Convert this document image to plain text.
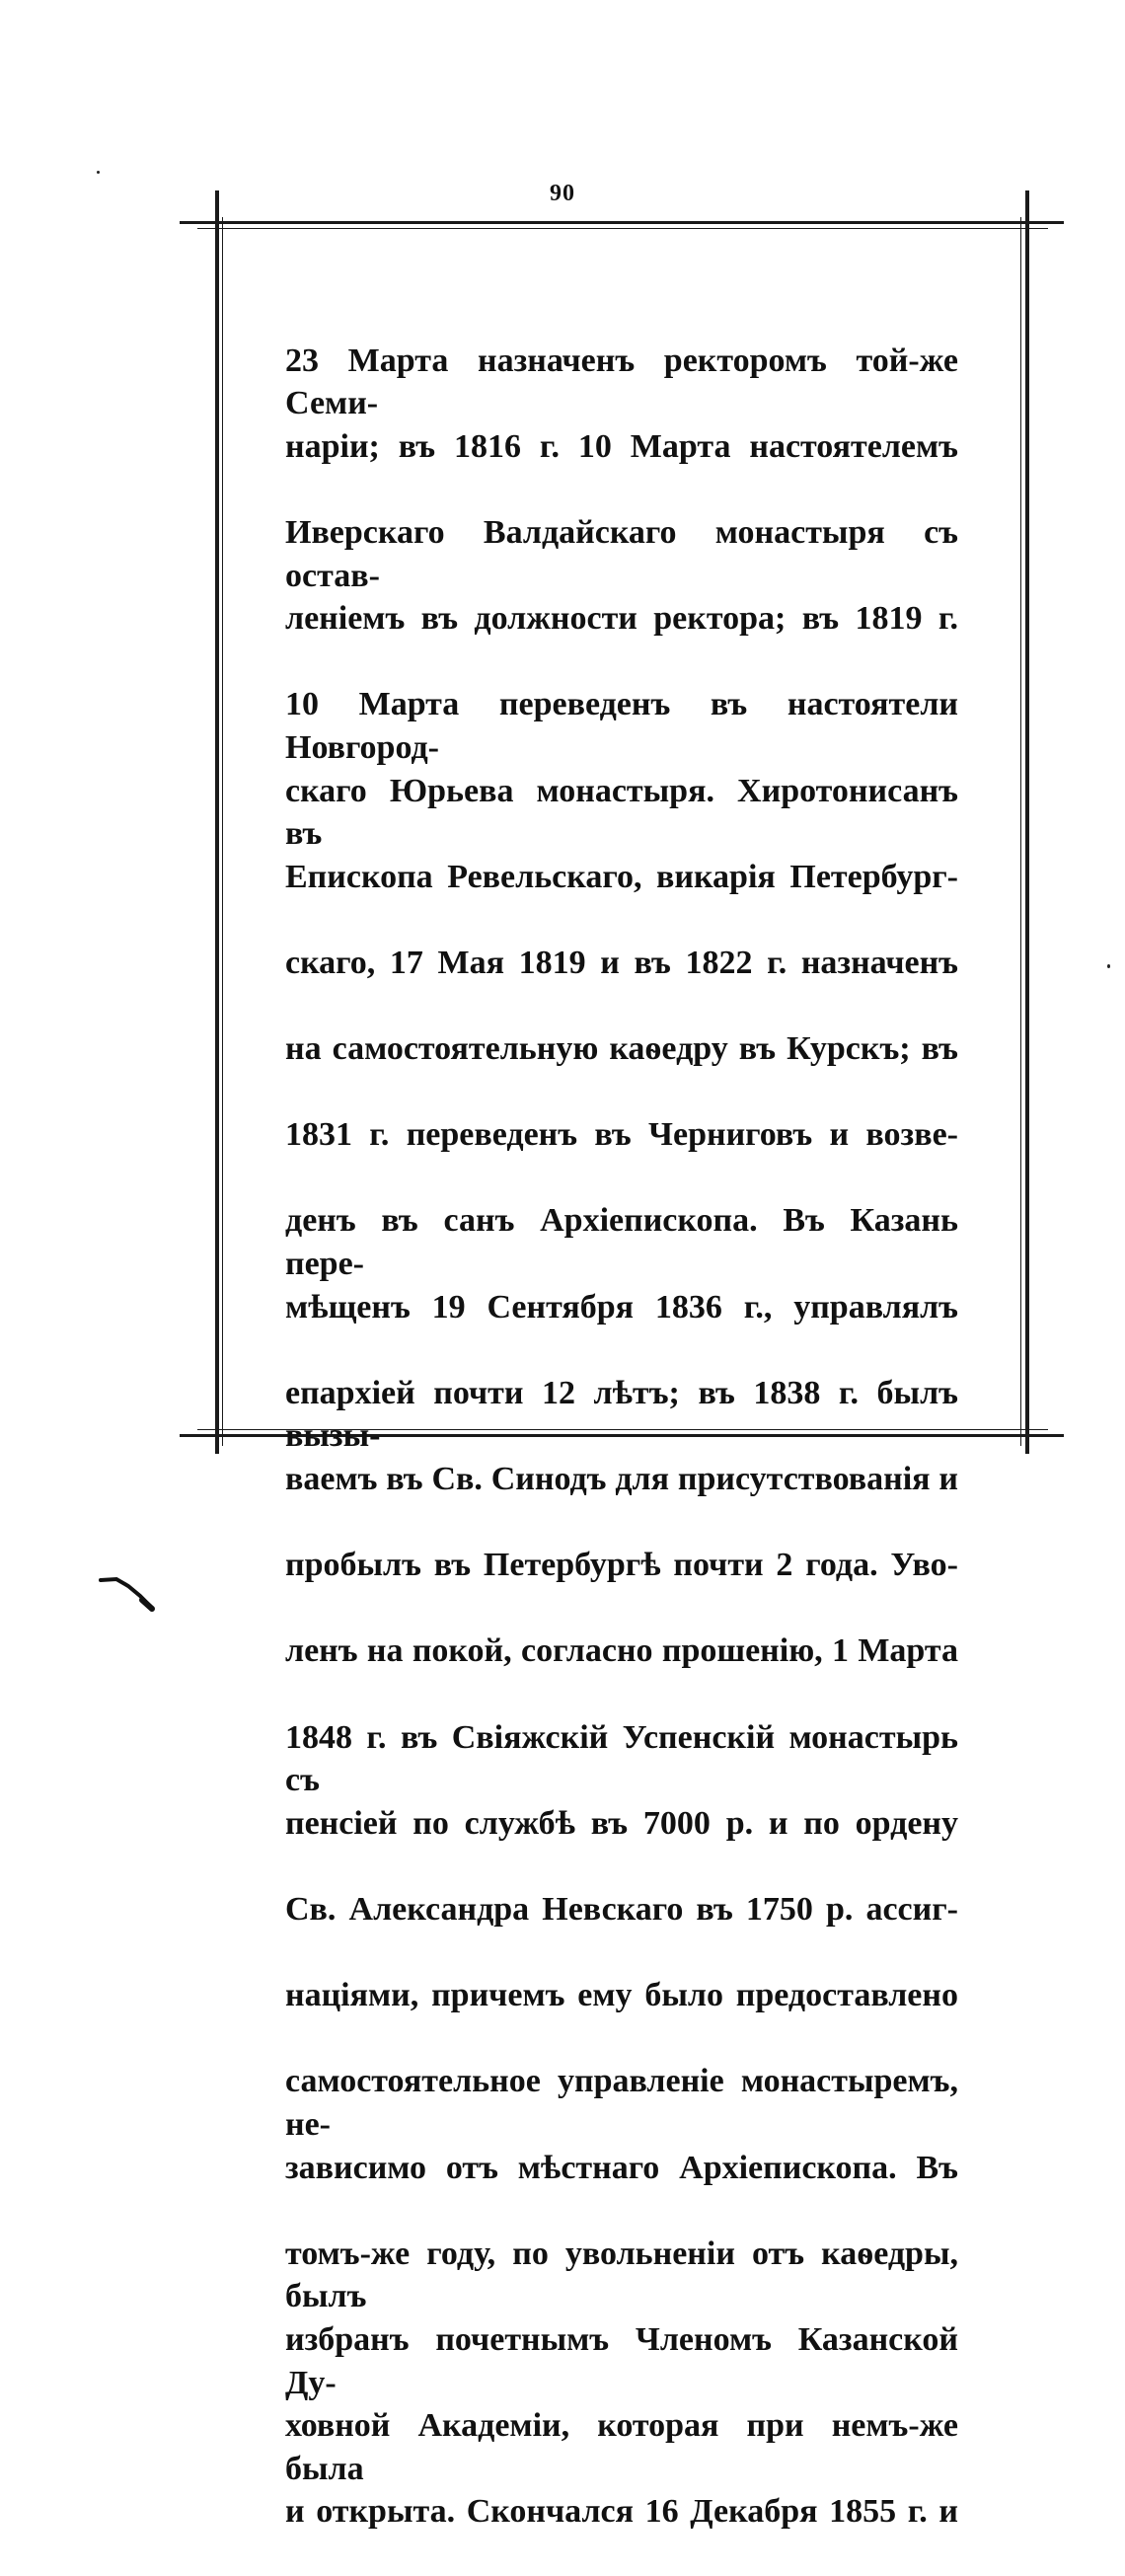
90

23 Марта назначенъ ректоромъ той-же Семи-

наріи; въ 1816 г. 10 Марта настоятелемъ

Иверскаго Валдайскаго монастыря съ остав-

леніемъ въ должности ректора; въ 1819 г.

10 Марта переведенъ въ настоятели Новгород-

скаго Юрьева монастыря. Хиротонисанъ въ

Епископа Ревельскаго, викарія Петербург-

скаго, 17 Мая 1819 и въ 1822 г. назначенъ

на самостоятельную каѳедру въ Курскъ; въ

1831 г. переведенъ въ Черниговъ и возве-

денъ въ санъ Архіепископа. Въ Казань пере-

мѣщенъ 19 Сентября 1836 г., управлялъ

епархіей почти 12 лѣтъ; въ 1838 г. былъ вызы-

ваемъ въ Св. Синодъ для присутствованія и

пробылъ въ Петербургѣ почти 2 года. Уво-

ленъ на покой, согласно прошенію, 1 Марта

1848 г. въ Свіяжскій Успенскій монастырь съ

пенсіей по службѣ въ 7000 р. и по ордену

Св. Александра Невскаго въ 1750 р. ассиг-

націями, причемъ ему было предоставлено

самостоятельное управленіе монастыремъ, не-

зависимо отъ мѣстнаго Архіепископа. Въ

томъ-же году, по увольненіи отъ каѳедры, былъ

избранъ почетнымъ Членомъ Казанской Ду-

ховной Академіи, которая при немъ-же была

и открыта. Скончался 16 Декабря 1855 г. и
